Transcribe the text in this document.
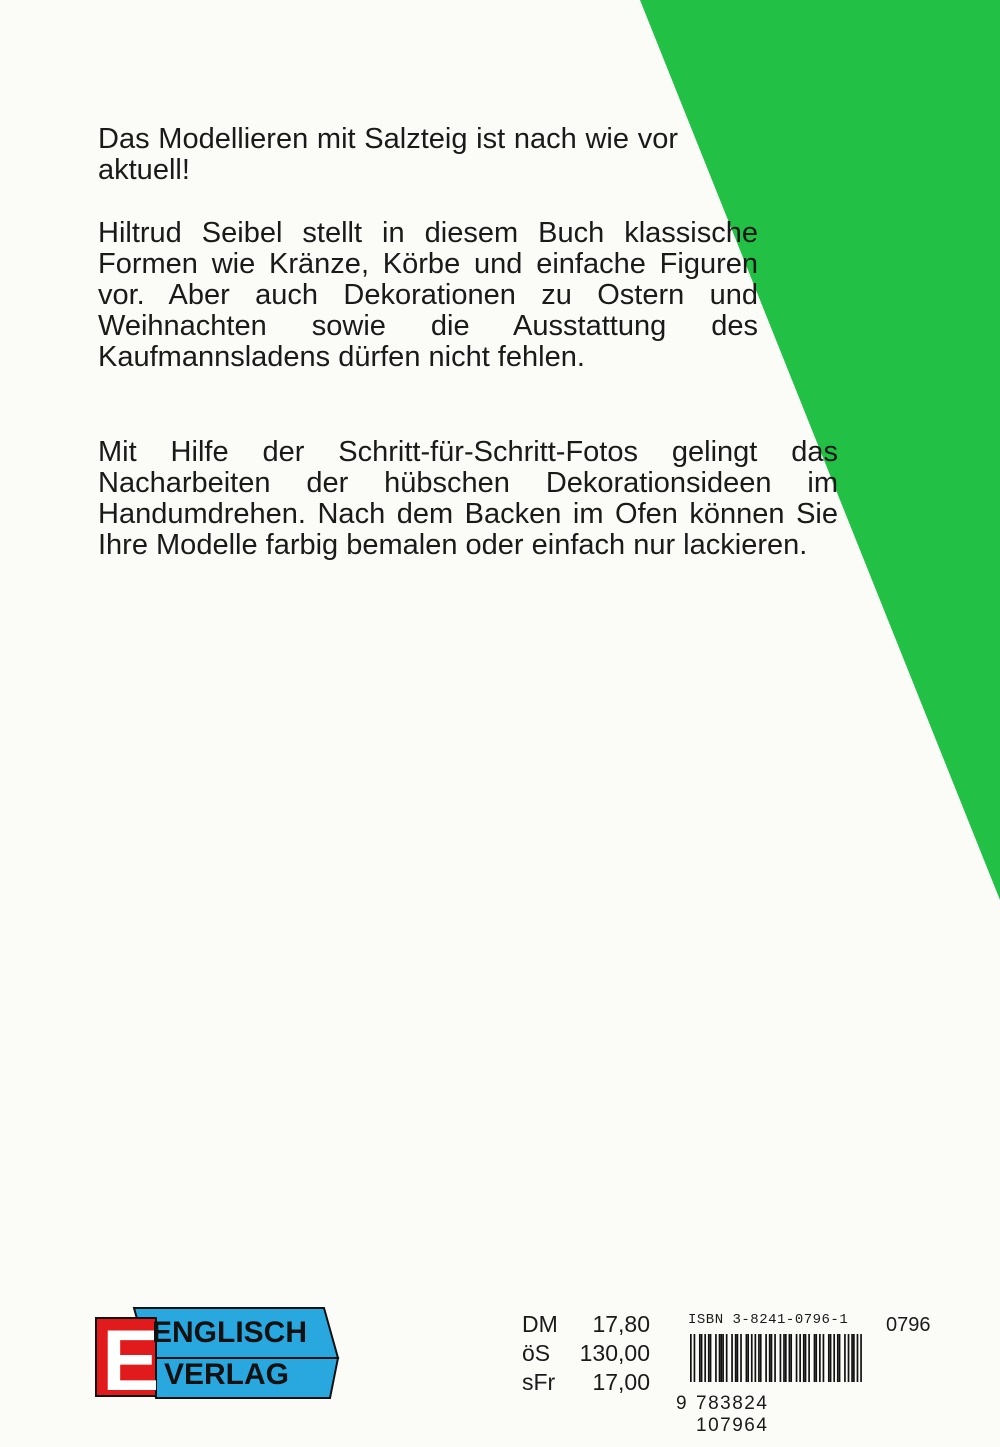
Das Modellieren mit Salzteig ist nach wie vor aktuell!
Hiltrud Seibel stellt in diesem Buch klassische Formen wie Kränze, Körbe und einfache Figuren vor. Aber auch Dekorationen zu Ostern und Weihnachten sowie die Ausstattung des Kaufmannsladens dürfen nicht fehlen.
Mit Hilfe der Schritt-für-Schritt-Fotos gelingt das Nacharbeiten der hübschen Dekorationsideen im Handumdrehen. Nach dem Backen im Ofen können Sie Ihre Modelle farbig bemalen oder einfach nur lackieren.
E
ENGLISCH
VERLAG
DM	17,80
öS	130,00
sFr	17,00
ISBN 3-8241-0796-1
9 783824 107964
0796
